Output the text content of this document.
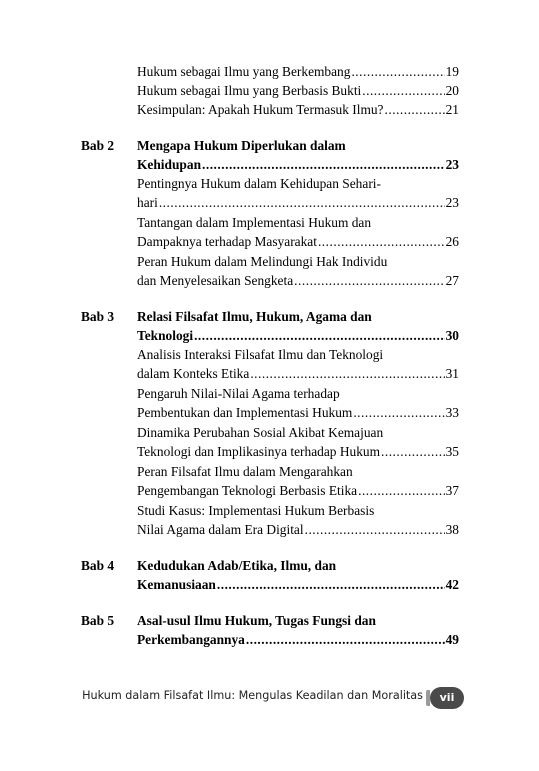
Hukum sebagai Ilmu yang Berkembang .....	19
Hukum sebagai Ilmu yang Berbasis Bukti .....	20
Kesimpulan: Apakah Hukum Termasuk Ilmu? .....	21
Bab 2 Mengapa Hukum Diperlukan dalam
Kehidupan .....	23
Pentingnya Hukum dalam Kehidupan Sehari-
hari .....	23
Tantangan dalam Implementasi Hukum dan
Dampaknya terhadap Masyarakat .....	26
Peran Hukum dalam Melindungi Hak Individu
dan Menyelesaikan Sengketa .....	27
Bab 3 Relasi Filsafat Ilmu, Hukum, Agama dan
Teknologi .....	30
Analisis Interaksi Filsafat Ilmu dan Teknologi
dalam Konteks Etika .....	31
Pengaruh Nilai-Nilai Agama terhadap
Pembentukan dan Implementasi Hukum .....	33
Dinamika Perubahan Sosial Akibat Kemajuan
Teknologi dan Implikasinya terhadap Hukum .....	35
Peran Filsafat Ilmu dalam Mengarahkan
Pengembangan Teknologi Berbasis Etika .....	37
Studi Kasus: Implementasi Hukum Berbasis
Nilai Agama dalam Era Digital .....	38
Bab 4 Kedudukan Adab/Etika, Ilmu, dan
Kemanusiaan .....	42
Bab 5 Asal-usul Ilmu Hukum, Tugas Fungsi dan
Perkembangannya .....	49
Hukum dalam Filsafat Ilmu: Mengulas Keadilan dan Moralitas	vii
